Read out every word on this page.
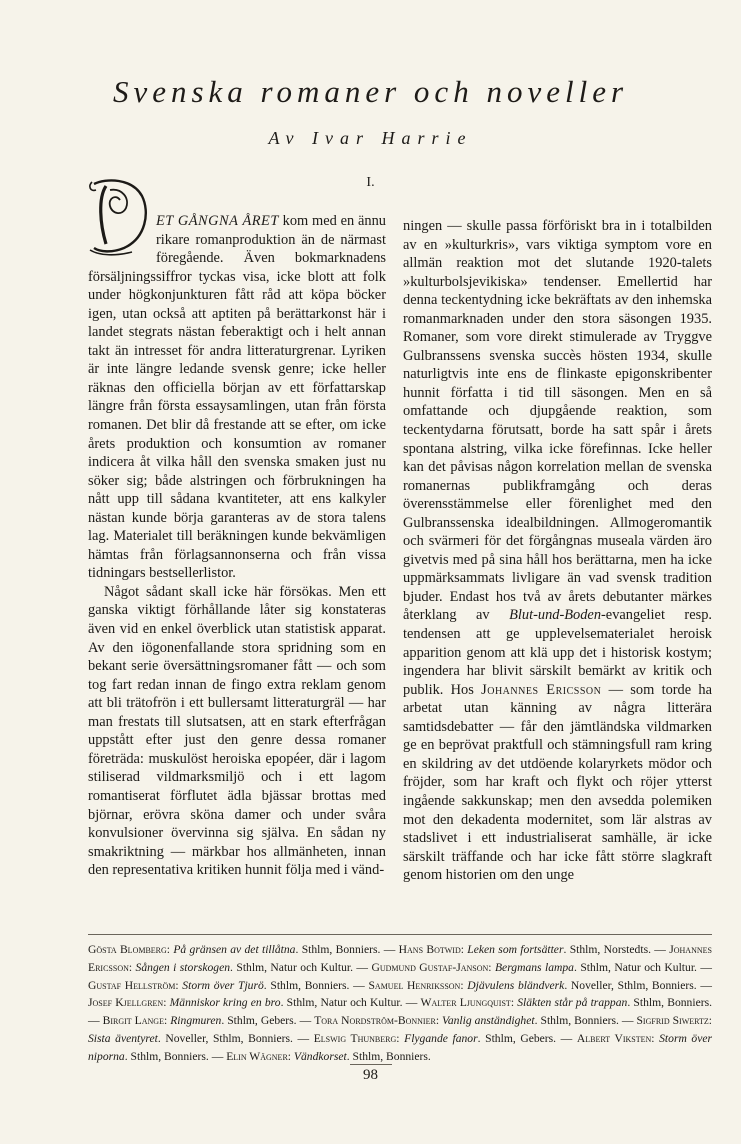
Svenska romaner och noveller
Av Ivar Harrie
I.

ET GÅNGNA ÅRET kom med en ännu rikare romanproduktion än de närmast föregående. Även bokmarknadens försäljningssiffror tyckas visa, icke blott att folk under högkonjunkturen fått råd att köpa böcker igen, utan också att aptiten på berättarkonst här i landet stegrats nästan feberaktigt och i helt annan takt än intresset för andra litteraturgrenar. Lyriken är inte längre ledande svensk genre; icke heller räknas den officiella början av ett författarskap längre från första essaysamlingen, utan från första romanen. Det blir då frestande att se efter, om icke årets produktion och konsumtion av romaner indicera åt vilka håll den svenska smaken just nu söker sig; både alstringen och förbrukningen ha nått upp till sådana kvantiteter, att ens kalkyler nästan kunde börja garanteras av de stora talens lag. Materialet till beräkningen kunde bekvämligen hämtas från förlagsannonserna och från vissa tidningars bestsellerlistor.

Något sådant skall icke här försökas. Men ett ganska viktigt förhållande låter sig konstateras även vid en enkel överblick utan statistisk apparat. Av den iögonenfallande stora spridning som en bekant serie översättningsromaner fått — och som tog fart redan innan de fingo extra reklam genom att bli trätofrön i ett bullersamt litteraturgräl — har man frestats till slutsatsen, att en stark efterfrågan uppstått efter just den genre dessa romaner företräda: muskulöst heroiska epopéer, där i lagom stiliserad vildmarksmiljö och i ett lagom romantiserat förflutet ädla bjässar brottas med björnar, erövra sköna damer och under svåra konvulsioner övervinna sig själva. En sådan ny smakriktning — märkbar hos allmänheten, innan den representativa kritiken hunnit följa med i vänd-

ningen — skulle passa förföriskt bra in i totalbilden av en »kulturkris», vars viktiga symptom vore en allmän reaktion mot det slutande 1920-talets »kulturbolsjevikiska» tendenser. Emellertid har denna teckentydning icke bekräftats av den inhemska romanmarknaden under den stora säsongen 1935. Romaner, som vore direkt stimulerade av Tryggve Gulbranssens svenska succès hösten 1934, skulle naturligtvis inte ens de flinkaste epigonskribenter hunnit författa i tid till säsongen. Men en så omfattande och djupgående reaktion, som teckentydarna förutsatt, borde ha satt spår i årets spontana alstring, vilka icke förefinnas. Icke heller kan det påvisas någon korrelation mellan de svenska romanernas publikframgång och deras överensstämmelse eller förenlighet med den Gulbranssenska idealbildningen. Allmogeromantik och svärmeri för det förgångnas museala värden äro givetvis med på sina håll hos berättarna, men ha icke uppmärksammats livligare än vad svensk tradition bjuder. Endast hos två av årets debutanter märkes återklang av Blut-und-Boden-evangeliet resp. tendensen att ge upplevelsematerialet heroisk apparition genom att klä upp det i historisk kostym; ingendera har blivit särskilt bemärkt av kritik och publik. Hos Johannes Ericsson — som torde ha arbetat utan känning av några litterära samtidsdebatter — får den jämtländska vildmarken ge en beprövat praktfull och stämningsfull ram kring en skildring av det utdöende kolaryrkets mödor och fröjder, som har kraft och flykt och röjer ytterst ingående sakkunskap; men den avsedda polemiken mot den dekadenta modernitet, som lär alstras av stadslivet i ett industrialiserat samhälle, är icke särskilt träffande och har icke fått större slagkraft genom historien om den unge

Gösta Blomberg: På gränsen av det tillåtna. Sthlm, Bonniers. — Hans Botwid: Leken som fortsätter. Sthlm, Norstedts. — Johannes Ericsson: Sången i storskogen. Sthlm, Natur och Kultur. — Gudmund Gustaf-Janson: Bergmans lampa. Sthlm, Natur och Kultur. — Gustaf Hellström: Storm över Tjurö. Sthlm, Bonniers. — Samuel Henriksson: Djävulens bländverk. Noveller, Sthlm, Bonniers. — Josef Kjellgren: Människor kring en bro. Sthlm, Natur och Kultur. — Walter Ljungquist: Släkten står på trappan. Sthlm, Bonniers. — Birgit Lange: Ringmuren. Sthlm, Gebers. — Tora Nordström-Bonnier: Vanlig anständighet. Sthlm, Bonniers. — Sigfrid Siwertz: Sista äventyret. Noveller, Sthlm, Bonniers. — Elswig Thunberg: Flygande fanor. Sthlm, Gebers. — Albert Viksten: Storm över niporna. Sthlm, Bonniers. — Elin Wägner: Vändkorset. Sthlm, Bonniers.
98
